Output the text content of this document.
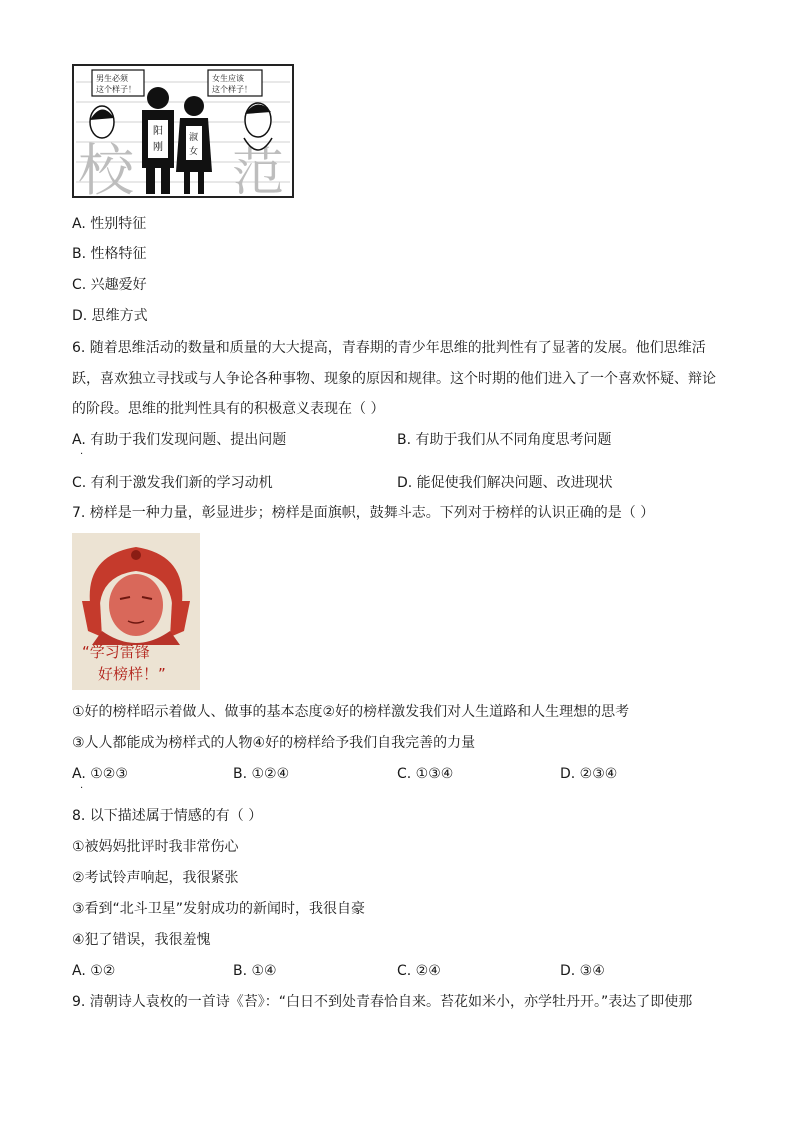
校 范
男生必须
这个样子！
阳
刚
淑
女
女生应该
这个样子！
A. 性别特征
B. 性格特征
C. 兴趣爱好
D. 思维方式
6. 随着思维活动的数量和质量的大大提高，青春期的青少年思维的批判性有了显著的发展。他们思维活
跃，喜欢独立寻找或与人争论各种事物、现象的原因和规律。这个时期的他们进入了一个喜欢怀疑、辩论
的阶段。思维的批判性具有的积极意义表现在（ ）
A. 有助于我们发现问题、提出问题
·
B. 有助于我们从不同角度思考问题
C. 有利于激发我们新的学习动机	D. 能促使我们解决问题、改进现状
7. 榜样是一种力量，彰显进步；榜样是面旗帜，鼓舞斗志。下列对于榜样的认识正确的是（ ）
“学习雷锋
好榜样！”
①好的榜样昭示着做人、做事的基本态度②好的榜样激发我们对人生道路和人生理想的思考
③人人都能成为榜样式的人物④好的榜样给予我们自我完善的力量
A. ①②③
·
B. ①②④	C. ①③④	D. ②③④
8. 以下描述属于情感的有（ ）
①被妈妈批评时我非常伤心
②考试铃声响起，我很紧张
③看到“北斗卫星”发射成功的新闻时，我很自豪
④犯了错误，我很羞愧
A. ①②	B. ①④	C. ②④	D. ③④
9. 清朝诗人袁枚的一首诗《苔》：“白日不到处青春恰自来。苔花如米小，亦学牡丹开。”表达了即使那
